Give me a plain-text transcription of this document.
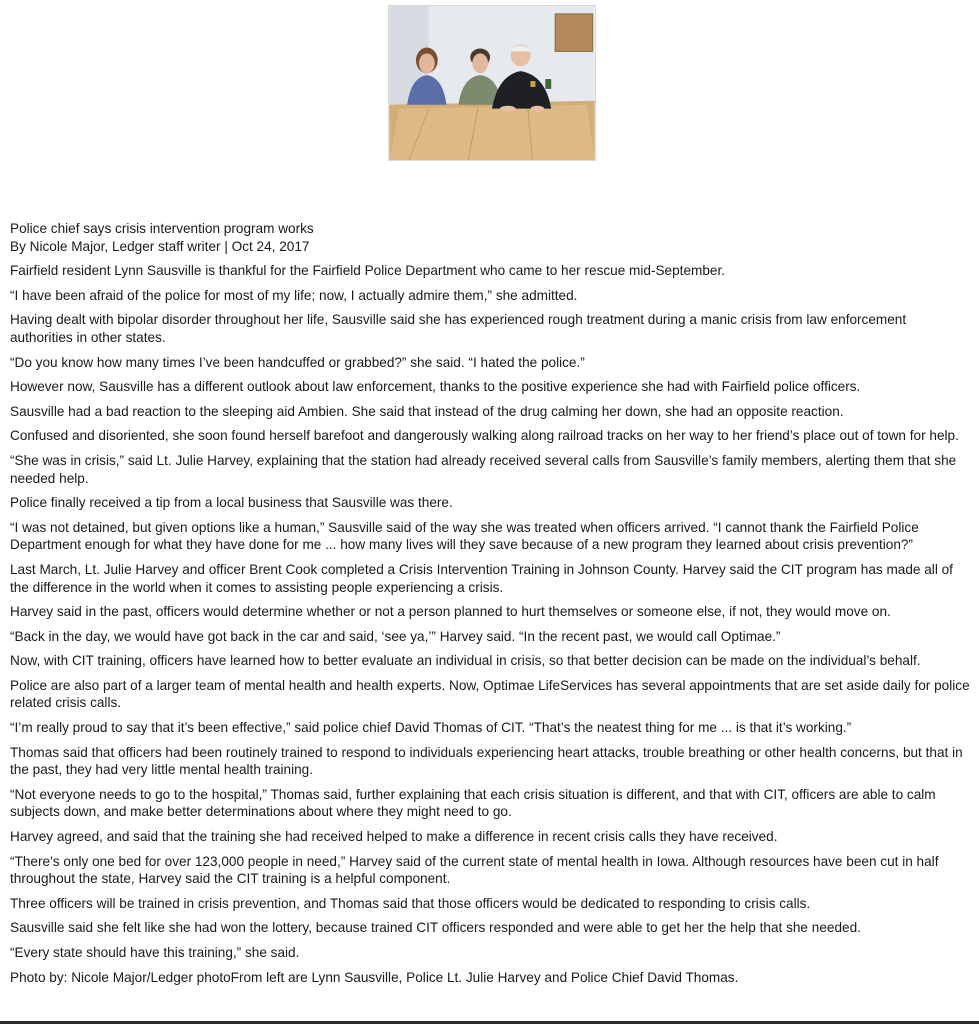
Police chief says crisis intervention program works

By Nicole Major, Ledger staff writer | Oct 24, 2017

Fairfield resident Lynn Sausville is thankful for the Fairfield Police Department who came to her rescue mid-September.

“I have been afraid of the police for most of my life; now, I actually admire them,” she admitted.

Having dealt with bipolar disorder throughout her life, Sausville said she has experienced rough treatment during a manic crisis from law enforcement authorities in other states.

“Do you know how many times I’ve been handcuffed or grabbed?” she said. “I hated the police.”

However now, Sausville has a different outlook about law enforcement, thanks to the positive experience she had with Fairfield police officers.

Sausville had a bad reaction to the sleeping aid Ambien. She said that instead of the drug calming her down, she had an opposite reaction.

Confused and disoriented, she soon found herself barefoot and dangerously walking along railroad tracks on her way to her friend’s place out of town for help.

“She was in crisis,” said Lt. Julie Harvey, explaining that the station had already received several calls from Sausville’s family members, alerting them that she needed help.

Police finally received a tip from a local business that Sausville was there.

“I was not detained, but given options like a human,” Sausville said of the way she was treated when officers arrived. “I cannot thank the Fairfield Police Department enough for what they have done for me ... how many lives will they save because of a new program they learned about crisis prevention?”

Last March, Lt. Julie Harvey and officer Brent Cook completed a Crisis Intervention Training in Johnson County. Harvey said the CIT program has made all of the difference in the world when it comes to assisting people experiencing a crisis.

Harvey said in the past, officers would determine whether or not a person planned to hurt themselves or someone else, if not, they would move on.

“Back in the day, we would have got back in the car and said, ‘see ya,’” Harvey said. “In the recent past, we would call Optimae.”

Now, with CIT training, officers have learned how to better evaluate an individual in crisis, so that better decision can be made on the individual’s behalf.

Police are also part of a larger team of mental health and health experts. Now, Optimae LifeServices has several appointments that are set aside daily for police related crisis calls.

“I’m really proud to say that it’s been effective,” said police chief David Thomas of CIT. “That’s the neatest thing for me ... is that it’s working.”

Thomas said that officers had been routinely trained to respond to individuals experiencing heart attacks, trouble breathing or other health concerns, but that in the past, they had very little mental health training.

“Not everyone needs to go to the hospital,” Thomas said, further explaining that each crisis situation is different, and that with CIT, officers are able to calm subjects down, and make better determinations about where they might need to go.

Harvey agreed, and said that the training she had received helped to make a difference in recent crisis calls they have received.

“There’s only one bed for over 123,000 people in need,” Harvey said of the current state of mental health in Iowa. Although resources have been cut in half throughout the state, Harvey said the CIT training is a helpful component.

Three officers will be trained in crisis prevention, and Thomas said that those officers would be dedicated to responding to crisis calls.

Sausville said she felt like she had won the lottery, because trained CIT officers responded and were able to get her the help that she needed.

“Every state should have this training,” she said.

Photo by: Nicole Major/Ledger photoFrom left are Lynn Sausville, Police Lt. Julie Harvey and Police Chief David Thomas.
